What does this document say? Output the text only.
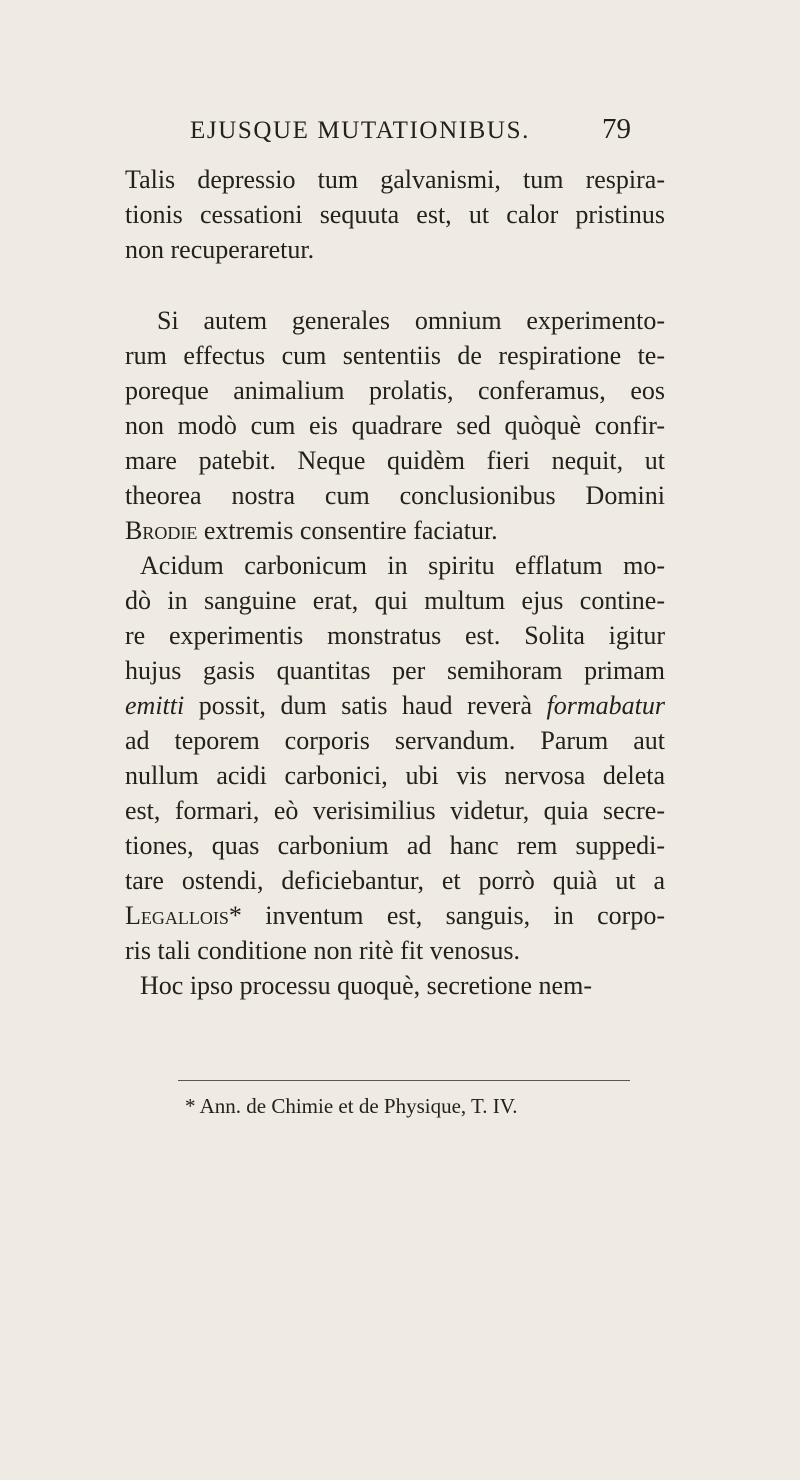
EJUSQUE MUTATIONIBUS. 79
Talis depressio tum galvanismi, tum respira-
tionis cessationi sequuta est, ut calor pristinus
non recuperaretur.
Si autem generales omnium experimento-
rum effectus cum sententiis de respiratione te-
poreque animalium prolatis, conferamus, eos
non modò cum eis quadrare sed quòquè confir-
mare patebit. Neque quidèm fieri nequit, ut
theorea nostra cum conclusionibus Domini
Brodie extremis consentire faciatur.
Acidum carbonicum in spiritu efflatum mo-
dò in sanguine erat, qui multum ejus contine-
re experimentis monstratus est. Solita igitur
hujus gasis quantitas per semihoram primam
emitti possit, dum satis haud reverà formabatur
ad teporem corporis servandum. Parum aut
nullum acidi carbonici, ubi vis nervosa deleta
est, formari, eò verisimilius videtur, quia secre-
tiones, quas carbonium ad hanc rem suppedi-
tare ostendi, deficiebantur, et porrò quià ut a
Legallois* inventum est, sanguis, in corpo-
ris tali conditione non ritè fit venosus.
Hoc ipso processu quoquè, secretione nem-
* Ann. de Chimie et de Physique, T. IV.
